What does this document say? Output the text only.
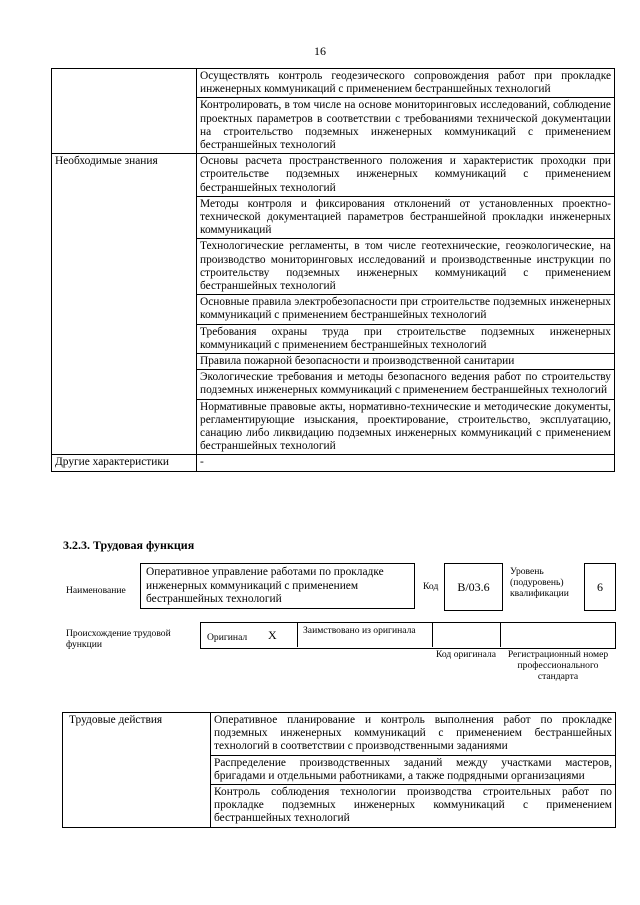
16
	Осуществлять контроль геодезического сопровождения работ при прокладке инженерных коммуникаций с применением бестраншейных технологий
	Контролировать, в том числе на основе мониторинговых исследований, соблюдение проектных параметров в соответствии с требованиями технической документации на строительство подземных инженерных коммуникаций с применением бестраншейных технологий
Необходимые знания	Основы расчета пространственного положения и характеристик проходки при строительстве подземных инженерных коммуникаций с применением бестраншейных технологий
	Методы контроля и фиксирования отклонений от установленных проектно-технической документацией параметров бестраншейной прокладки инженерных коммуникаций
	Технологические регламенты, в том числе геотехнические, геоэкологические, на производство мониторинговых исследований и производственные инструкции по строительству подземных инженерных коммуникаций с применением бестраншейных технологий
	Основные правила электробезопасности при строительстве подземных инженерных коммуникаций с применением бестраншейных технологий
	Требования охраны труда при строительстве подземных инженерных коммуникаций с применением бестраншейных технологий
	Правила пожарной безопасности и производственной санитарии
	Экологические требования и методы безопасного ведения работ по строительству подземных инженерных коммуникаций с применением бестраншейных технологий
	Нормативные правовые акты, нормативно-технические и методические документы, регламентирующие изыскания, проектирование, строительство, эксплуатацию, санацию либо ликвидацию подземных инженерных коммуникаций с применением бестраншейных технологий
Другие характеристики	-
3.2.3. Трудовая функция
Наименование
Оперативное управление работами по прокладке инженерных коммуникаций с применением бестраншейных технологий
Код	B/03.6
Уровень (подуровень) квалификации	6
Происхождение трудовой функции
Оригинал Х	Заимствовано из оригинала
Код оригинала	Регистрационный номер профессионального стандарта
Трудовые действия	Оперативное планирование и контроль выполнения работ по прокладке подземных инженерных коммуникаций с применением бестраншейных технологий в соответствии с производственными заданиями
Распределение производственных заданий между участками мастеров, бригадами и отдельными работниками, а также подрядными организациями
Контроль соблюдения технологии производства строительных работ по прокладке подземных инженерных коммуникаций с применением бестраншейных технологий
